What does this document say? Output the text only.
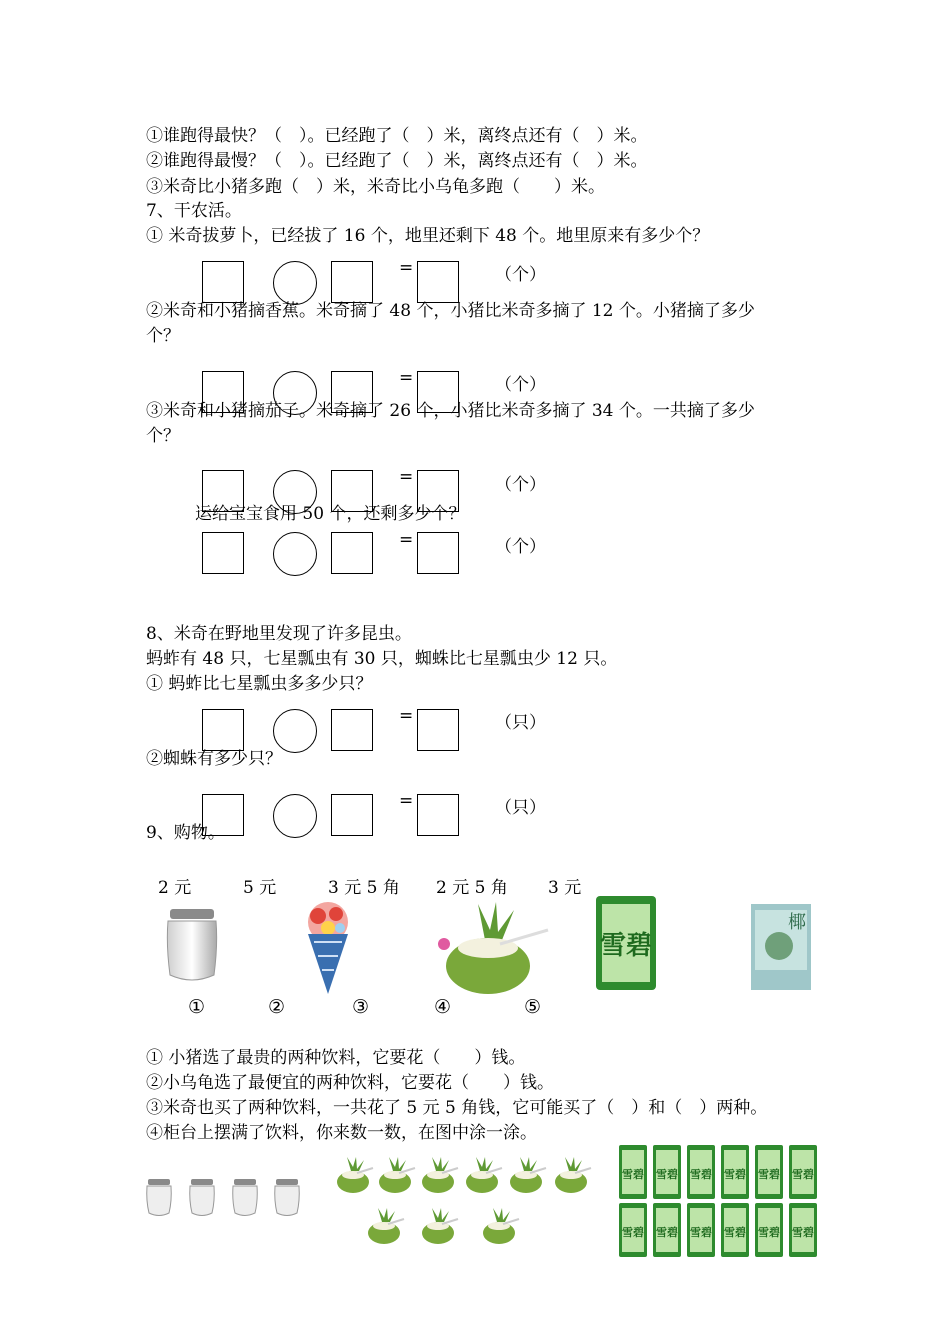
①谁跑得最快？（　）。已经跑了（　）米，离终点还有（　）米。
②谁跑得最慢？（　）。已经跑了（　）米，离终点还有（　）米。
③米奇比小猪多跑（　）米，米奇比小乌龟多跑（　　）米。
7、干农活。
① 米奇拔萝卜，已经拔了 16 个，地里还剩下 48 个。地里原来有多少个？
=	（个）
②米奇和小猪摘香蕉。米奇摘了 48 个，小猪比米奇多摘了 12 个。小猪摘了多少
个？
=	（个）
③米奇和小猪摘茄子。米奇摘了 26 个，小猪比米奇多摘了 34 个。一共摘了多少
个？
=	（个）
运给宝宝食用 50 个，还剩多少个？
=	（个）
8、米奇在野地里发现了许多昆虫。
蚂蚱有 48 只，七星瓢虫有 30 只，蜘蛛比七星瓢虫少 12 只。
① 蚂蚱比七星瓢虫多多少只？
=	（只）
②蜘蛛有多少只？
=	（只）
9、购物。
2 元	5 元	3 元 5 角 2 元 5 角 3 元
雪碧
椰
①	②	③	④	⑤
① 小猪选了最贵的两种饮料，它要花（　　）钱。
②小乌龟选了最便宜的两种饮料，它要花（　　）钱。
③米奇也买了两种饮料，一共花了 5 元 5 角钱，它可能买了（　）和（　）两种。
④柜台上摆满了饮料，你来数一数，在图中涂一涂。
雪碧 雪碧 雪碧 雪碧 雪碧 雪碧
雪碧 雪碧 雪碧 雪碧 雪碧 雪碧
